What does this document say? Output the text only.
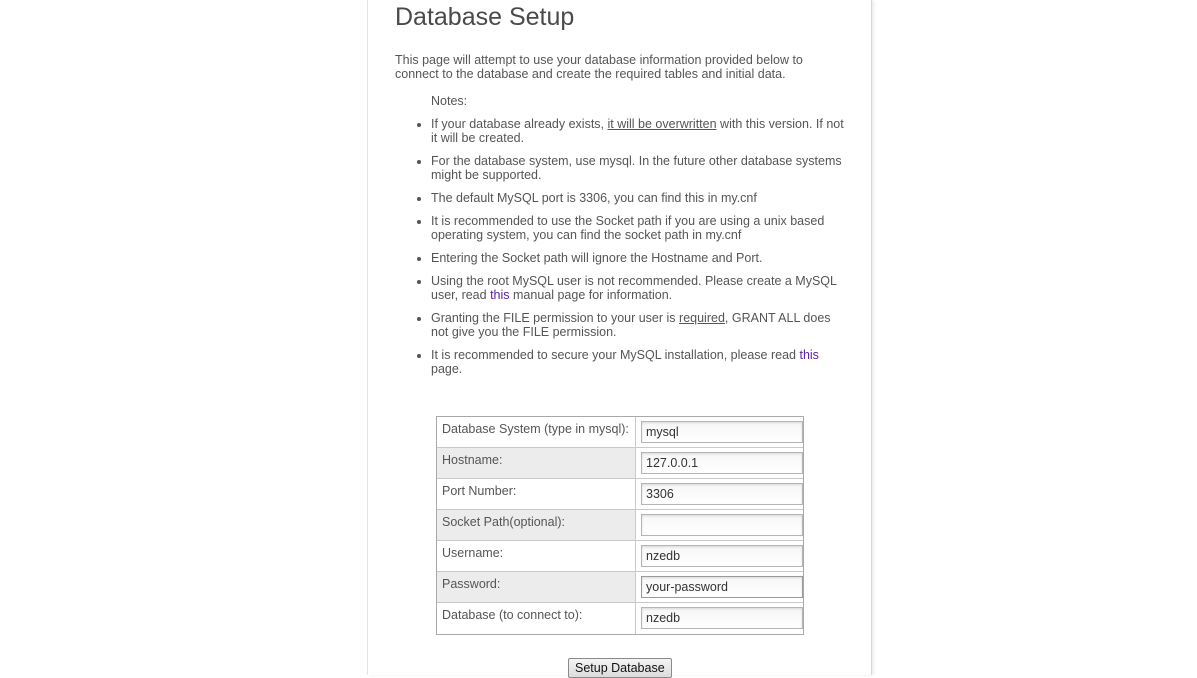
Database Setup

This page will attempt to use your database information provided below to connect to the database and create the required tables and initial data.

Notes:
• If your database already exists, it will be overwritten with this version. If not it will be created.
• For the database system, use mysql. In the future other database systems might be supported.
• The default MySQL port is 3306, you can find this in my.cnf
• It is recommended to use the Socket path if you are using a unix based operating system, you can find the socket path in my.cnf
• Entering the Socket path will ignore the Hostname and Port.
• Using the root MySQL user is not recommended. Please create a MySQL user, read this manual page for information.
• Granting the FILE permission to your user is required, GRANT ALL does not give you the FILE permission.
• It is recommended to secure your MySQL installation, please read this page.
Database System (type in mysql):	mysql
Hostname:	127.0.0.1
Port Number:	3306
Socket Path(optional):	
Username:	nzedb
Password:	your-password
Database (to connect to):	nzedb
Setup Database
